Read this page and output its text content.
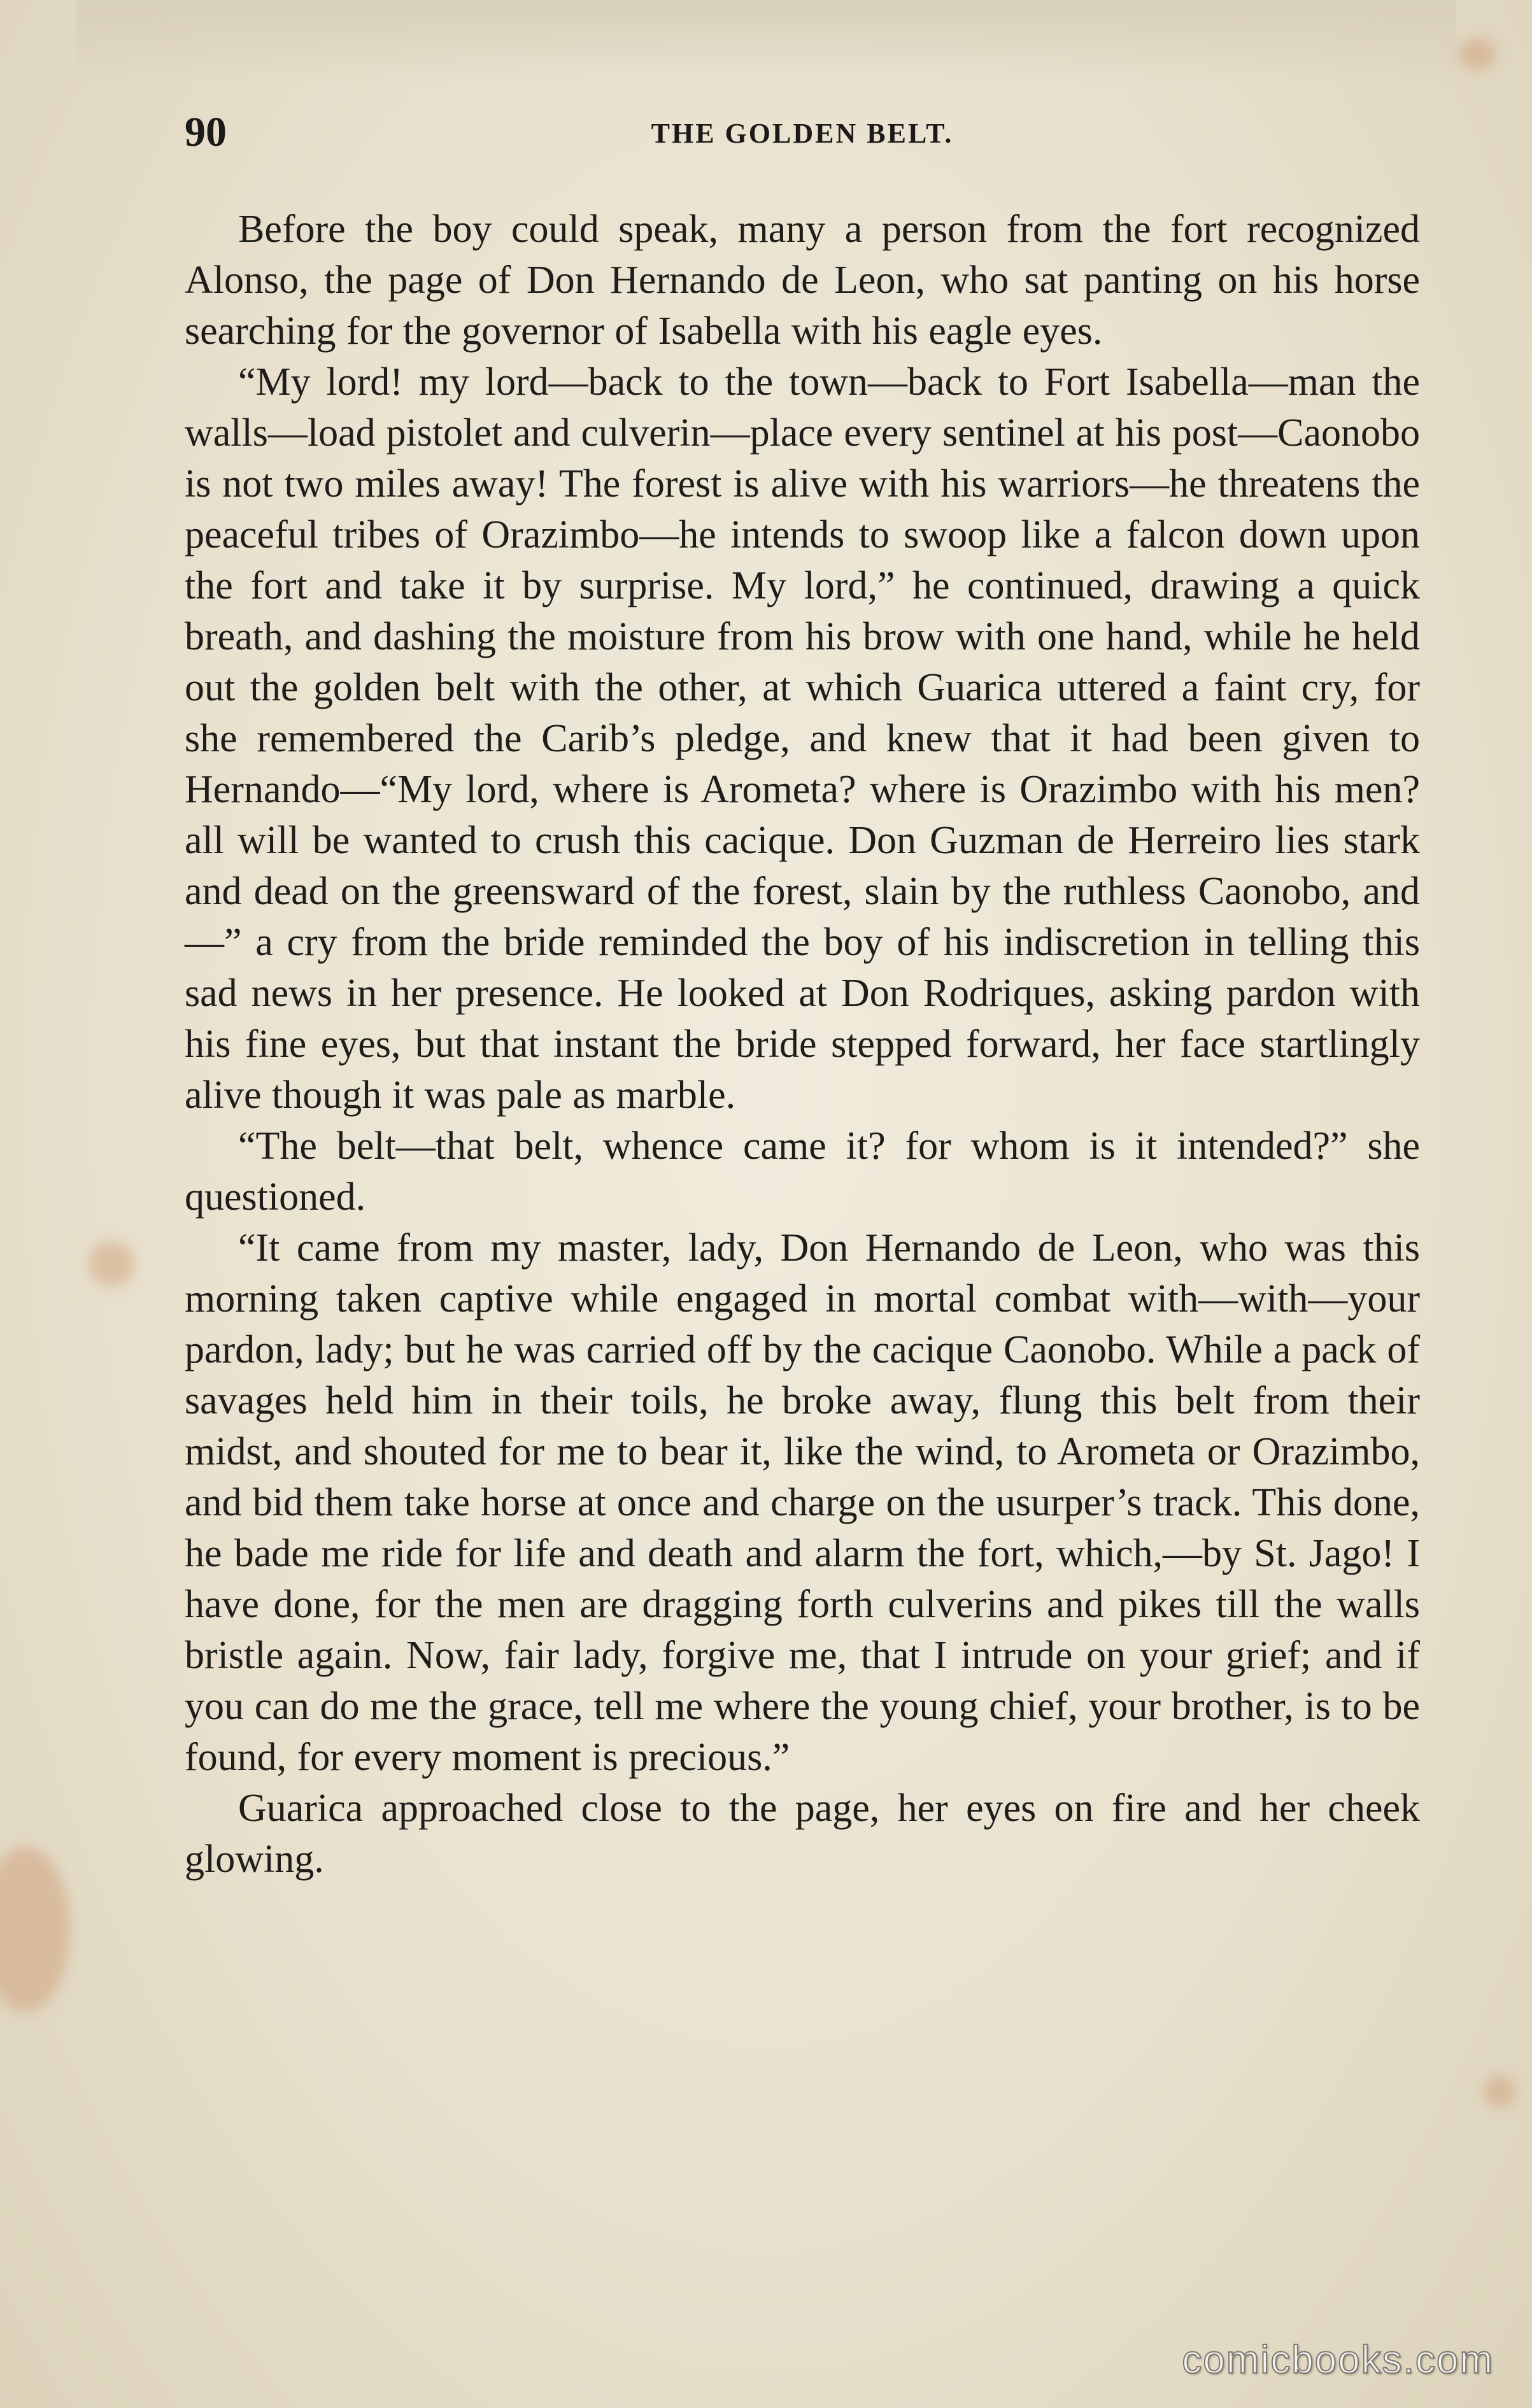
90	THE GOLDEN BELT.

Before the boy could speak, many a person from the fort recognized Alonso, the page of Don Hernando de Leon, who sat panting on his horse searching for the governor of Isabella with his eagle eyes.

“My lord! my lord—back to the town—back to Fort Isabella—man the walls—load pistolet and culverin—place every sentinel at his post—Caonobo is not two miles away! The forest is alive with his warriors—he threatens the peaceful tribes of Orazimbo—he intends to swoop like a falcon down upon the fort and take it by surprise. My lord,” he continued, drawing a quick breath, and dashing the moisture from his brow with one hand, while he held out the golden belt with the other, at which Guarica uttered a faint cry, for she remembered the Carib’s pledge, and knew that it had been given to Hernando—“My lord, where is Arometa? where is Orazimbo with his men? all will be wanted to crush this cacique. Don Guzman de Herreiro lies stark and dead on the greensward of the forest, slain by the ruthless Caonobo, and—” a cry from the bride reminded the boy of his indiscretion in telling this sad news in her presence. He looked at Don Rodriques, asking pardon with his fine eyes, but that instant the bride stepped forward, her face startlingly alive though it was pale as marble.

“The belt—that belt, whence came it? for whom is it intended?” she questioned.

“It came from my master, lady, Don Hernando de Leon, who was this morning taken captive while engaged in mortal combat with—with—your pardon, lady; but he was carried off by the cacique Caonobo. While a pack of savages held him in their toils, he broke away, flung this belt from their midst, and shouted for me to bear it, like the wind, to Arometa or Orazimbo, and bid them take horse at once and charge on the usurper’s track. This done, he bade me ride for life and death and alarm the fort, which,—by St. Jago! I have done, for the men are dragging forth culverins and pikes till the walls bristle again. Now, fair lady, forgive me, that I intrude on your grief; and if you can do me the grace, tell me where the young chief, your brother, is to be found, for every moment is precious.”

Guarica approached close to the page, her eyes on fire and her cheek glowing.

comicbooks.com
